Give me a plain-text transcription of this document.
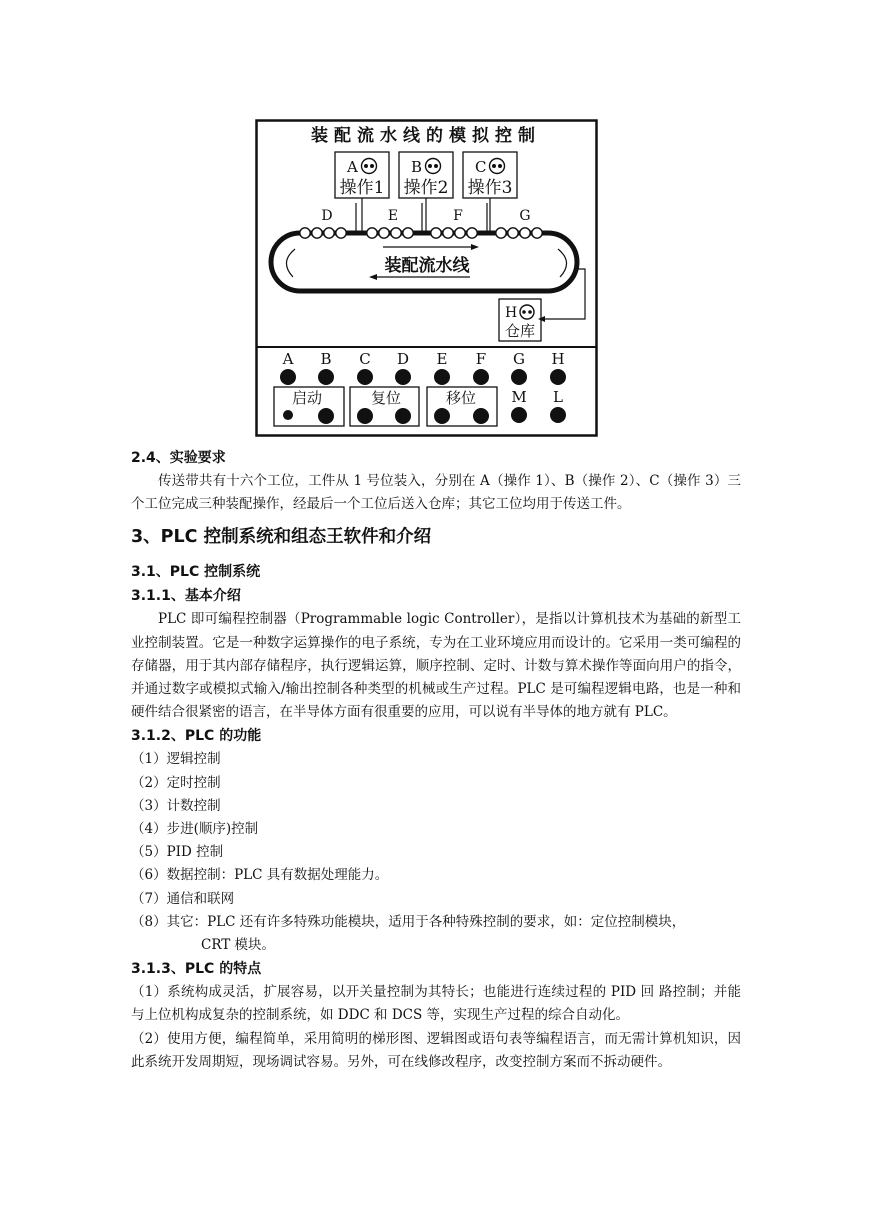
装配流水线的模拟控制
A
操作1
B
操作2
C
操作3
D	E	F	G
装配流水线
H
仓库
A B C D E F G H
启动	复位	移位 M L
2.4、实验要求

传送带共有十六个工位，工件从 1 号位装入，分别在 A（操作 1）、B（操作 2）、C（操作 3）三个工位完成三种装配操作，经最后一个工位后送入仓库；其它工位均用于传送工件。

3、PLC 控制系统和组态王软件和介绍
3.1、PLC 控制系统
3.1.1、基本介绍

PLC 即可编程控制器（Programmable logic Controller），是指以计算机技术为基础的新型工业控制装置。它是一种数字运算操作的电子系统，专为在工业环境应用而设计的。它采用一类可编程的存储器，用于其内部存储程序，执行逻辑运算，顺序控制、定时、计数与算术操作等面向用户的指令，并通过数字或模拟式输入/输出控制各种类型的机械或生产过程。PLC 是可编程逻辑电路，也是一种和硬件结合很紧密的语言，在半导体方面有很重要的应用，可以说有半导体的地方就有 PLC。

3.1.2、PLC 的功能
（1）逻辑控制
（2）定时控制
（3）计数控制
（4）步进(顺序)控制
（5）PID 控制
（6）数据控制：PLC 具有数据处理能力。
（7）通信和联网
（8）其它：PLC 还有许多特殊功能模块，适用于各种特殊控制的要求，如：定位控制模块，
CRT 模块。
3.1.3、PLC 的特点
（1）系统构成灵活，扩展容易，以开关量控制为其特长；也能进行连续过程的 PID 回 路控制；并能与上位机构成复杂的控制系统，如 DDC 和 DCS 等，实现生产过程的综合自动化。
（2）使用方便，编程简单，采用简明的梯形图、逻辑图或语句表等编程语言，而无需计算机知识，因此系统开发周期短，现场调试容易。另外，可在线修改程序，改变控制方案而不拆动硬件。
